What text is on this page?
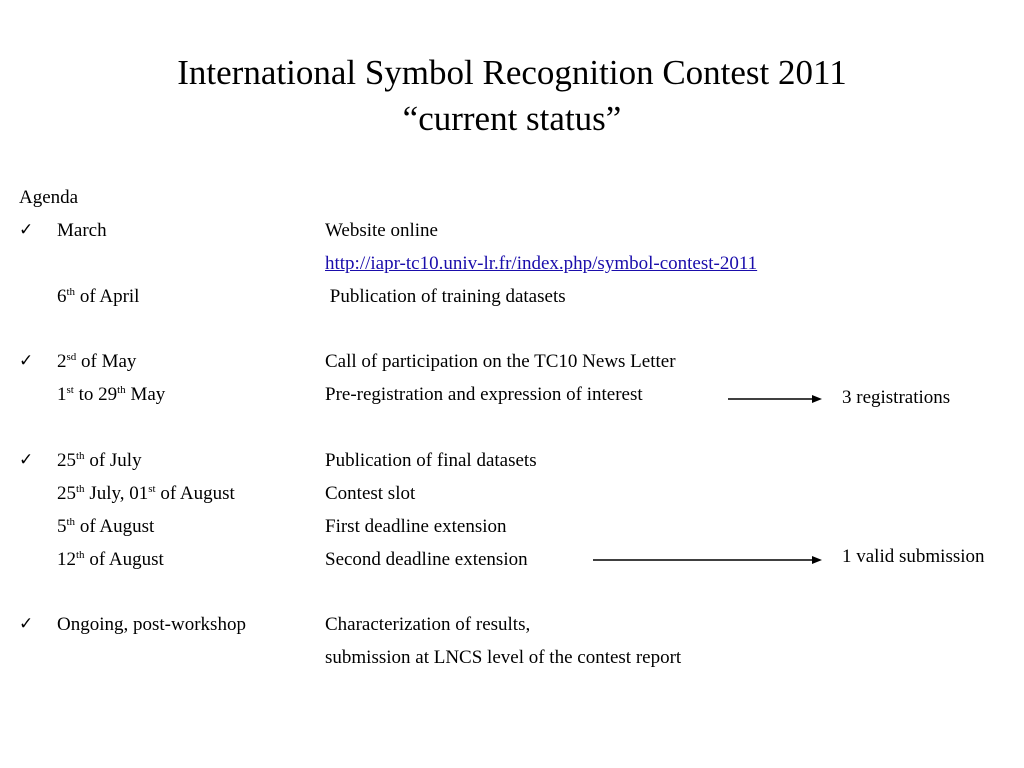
International Symbol Recognition Contest 2011
“current status”
Agenda
✓ March	Website online
http://iapr-tc10.univ-lr.fr/index.php/symbol-contest-2011
6th of April	Publication of training datasets
✓ $2^{sd}$ of May	Call of participation on the TC10 News Letter
1st to 29th May	Pre-registration and expression of interest	3 registrations
✓ 25th of July	Publication of final datasets
25th July, 01st of August	Contest slot
5th of August	First deadline extension
12th of August	Second deadline extension	1 valid submission
✓ Ongoing, post-workshop	Characterization of results,
submission at LNCS level of the contest report
